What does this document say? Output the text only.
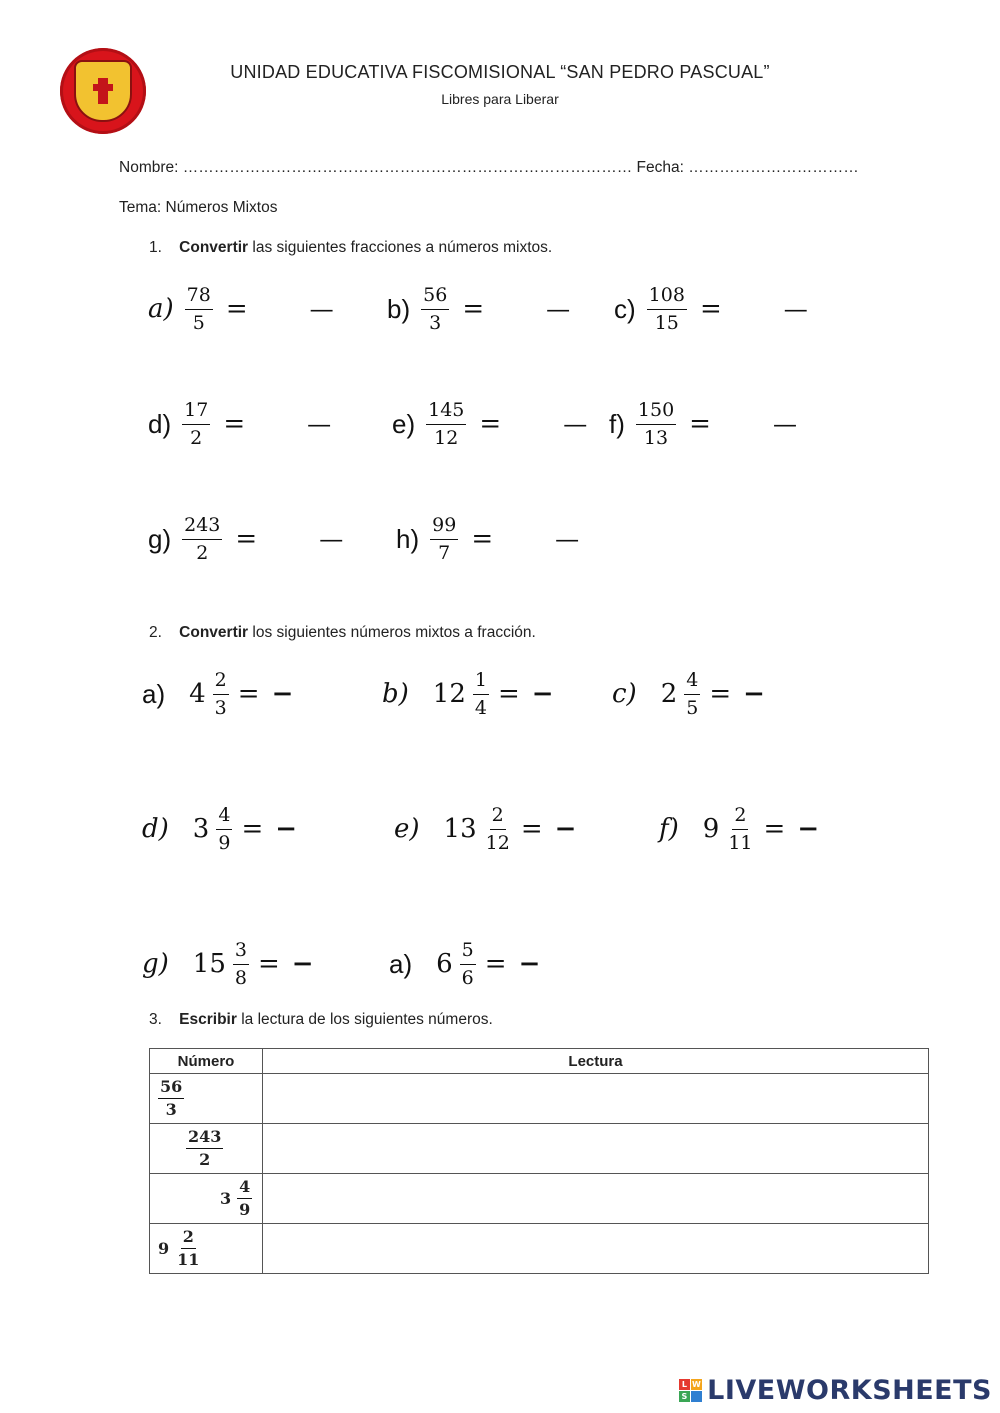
UNIDAD EDUCATIVA FISCOMISIONAL “SAN PEDRO PASCUAL”
Libres para Liberar
Nombre: …………………………………………………………………………… Fecha: ……………………………
Tema: Números Mixtos
1. Convertir las siguientes fracciones a números mixtos.
$a) \frac{78}{5}$ =	— $b) \frac{56}{3}$ =	— $c) \frac{108}{15}$ =	—
$d) \frac{17}{2}$ =	— $e) \frac{145}{12}$ =	— $f) \frac{150}{13}$ =	—
$g) \frac{243}{2}$ =	— $h) \frac{99}{7}$ =	—
2. Convertir los siguientes números mixtos a fracción.
a) $4 \frac{2}{3}$ = −	b) $12 \frac{1}{4}$ = − c) $2 \frac{4}{5}$ = −
d) $3 \frac{4}{9}$ = −	e) $13 \frac{2}{12}$ = −	f) $9 \frac{2}{11}$ = −
g) $15 \frac{3}{8}$ = −	a) $6 \frac{5}{6}$ = −
3. Escribir la lectura de los siguientes números.
Número	Lectura

$\frac{56}{3}$

$\frac{243}{2}$

$3 \frac{4}{9}$

$9 \frac{2}{11}$

L W
S LIVEWORKSHEETS
